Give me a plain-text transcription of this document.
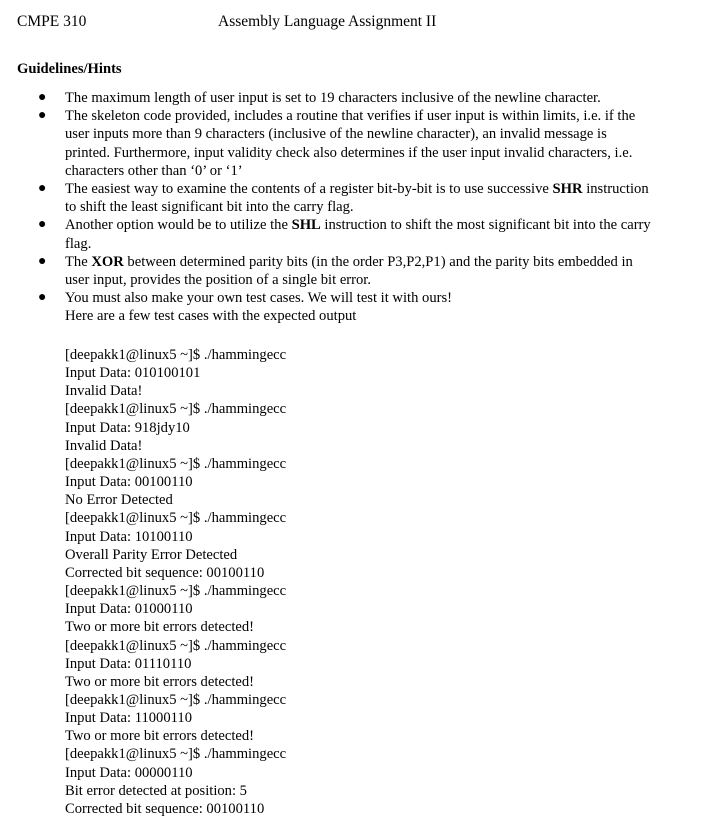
CMPE 310	Assembly Language Assignment II
Guidelines/Hints
● The maximum length of user input is set to 19 characters inclusive of the newline character.
● The skeleton code provided, includes a routine that verifies if user input is within limits, i.e. if the user inputs more than 9 characters (inclusive of the newline character), an invalid message is printed. Furthermore, input validity check also determines if the user input invalid characters, i.e. characters other than ‘0’ or ‘1’
● The easiest way to examine the contents of a register bit-by-bit is to use successive SHR instruction to shift the least significant bit into the carry flag.
● Another option would be to utilize the SHL instruction to shift the most significant bit into the carry flag.
● The XOR between determined parity bits (in the order P3,P2,P1) and the parity bits embedded in user input, provides the position of a single bit error.
● You must also make your own test cases. We will test it with ours!
Here are a few test cases with the expected output
[deepakk1@linux5 ~]$ ./hammingecc
Input Data: 010100101
Invalid Data!
[deepakk1@linux5 ~]$ ./hammingecc
Input Data: 918jdy10
Invalid Data!
[deepakk1@linux5 ~]$ ./hammingecc
Input Data: 00100110
No Error Detected
[deepakk1@linux5 ~]$ ./hammingecc
Input Data: 10100110
Overall Parity Error Detected
Corrected bit sequence: 00100110
[deepakk1@linux5 ~]$ ./hammingecc
Input Data: 01000110
Two or more bit errors detected!
[deepakk1@linux5 ~]$ ./hammingecc
Input Data: 01110110
Two or more bit errors detected!
[deepakk1@linux5 ~]$ ./hammingecc
Input Data: 11000110
Two or more bit errors detected!
[deepakk1@linux5 ~]$ ./hammingecc
Input Data: 00000110
Bit error detected at position: 5
Corrected bit sequence: 00100110
